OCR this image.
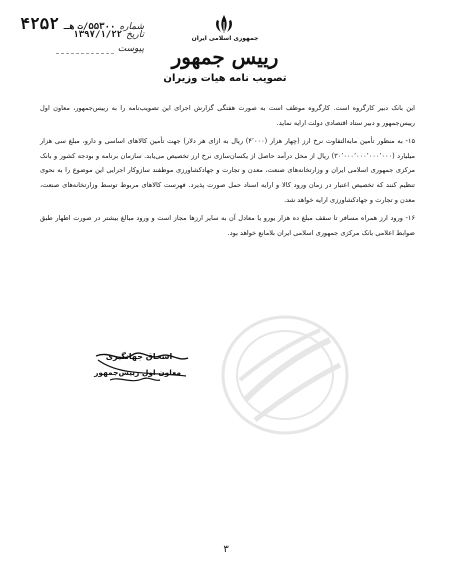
جمهوری اسلامی ایران
رییس جمهور
تصویب نامه هیات وزیران
شماره۵۵۳۰۰/ت هـ ۴۲۵۲
تاریخ۱۳۹۷/۱/۲۲
پیوست

این بانک دبیر کارگروه است. کارگروه موظف است به صورت هفتگی گزارش اجرای این تصویب‌نامه را به رییس‌جمهور، معاون اول رییس‌جمهور و دبیر ستاد اقتصادی دولت ارایه نماید.

۱۵- به منظور تأمین مابه‌التفاوت نرخ ارز (چهار هزار (۴٬۰۰۰) ریال به ازای هر دلار) جهت تأمین کالاهای اساسی و دارو، مبلغ سی هزار میلیارد (۳۰٬۰۰۰٬۰۰۰٬۰۰۰٬۰۰۰) ریال از محل درآمد حاصل از یکسان‌سازی نرخ ارز تخصیص می‌یابد. سازمان برنامه و بودجه کشور و بانک مرکزی جمهوری اسلامی ایران و وزارتخانه‌های صنعت، معدن و تجارت و جهادکشاورزی موظفند سازوکار اجرایی این موضوع را به نحوی تنظیم کنند که تخصیص اعتبار در زمان ورود کالا و ارایه اسناد حمل صورت پذیرد. فهرست کالاهای مربوط توسط وزارتخانه‌های صنعت، معدن و تجارت و جهادکشاورزی ارایه خواهد شد.

۱۶- ورود ارز همراه مسافر تا سقف مبلغ ده هزار یورو یا معادل آن به سایر ارزها مجاز است و ورود مبالغ بیشتر در صورت اظهار طبق ضوابط اعلامی بانک مرکزی جمهوری اسلامی ایران بلامانع خواهد بود.

اسحاق جهانگیری
معاون اول رییس‌جمهور
۳
